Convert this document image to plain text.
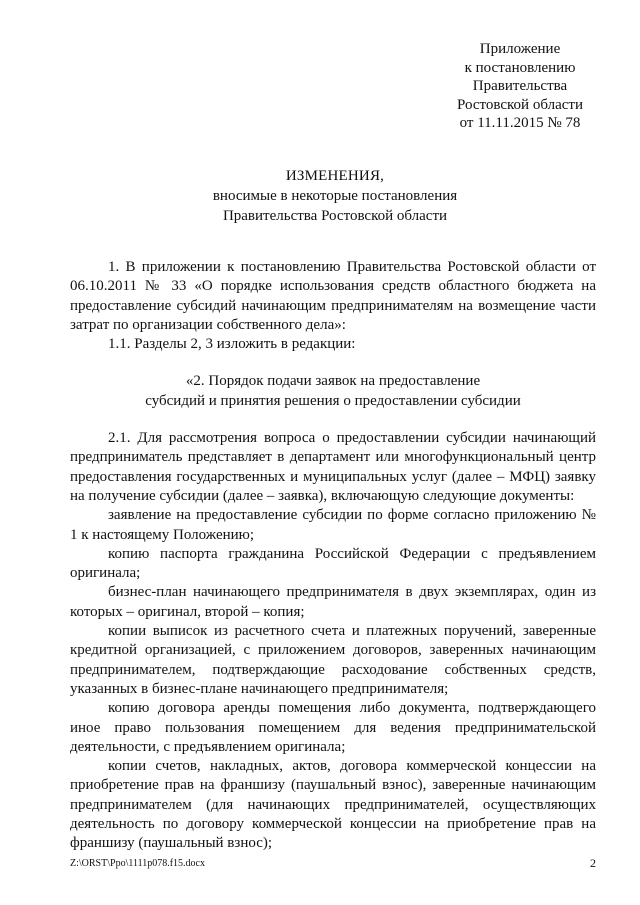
Приложение
к постановлению
Правительства
Ростовской области
от 11.11.2015 № 78
ИЗМЕНЕНИЯ,
вносимые в некоторые постановления
Правительства Ростовской области

1. В приложении к постановлению Правительства Ростовской области от 06.10.2011 № 33 «О порядке использования средств областного бюджета на предоставление субсидий начинающим предпринимателям на возмещение части затрат по организации собственного дела»:

1.1. Разделы 2, 3 изложить в редакции:

«2. Порядок подачи заявок на предоставление
субсидий и принятия решения о предоставлении субсидии

2.1. Для рассмотрения вопроса о предоставлении субсидии начинающий предприниматель представляет в департамент или многофункциональный центр предоставления государственных и муниципальных услуг (далее – МФЦ) заявку на получение субсидии (далее – заявка), включающую следующие документы:

заявление на предоставление субсидии по форме согласно приложению № 1 к настоящему Положению;

копию паспорта гражданина Российской Федерации с предъявлением оригинала;

бизнес-план начинающего предпринимателя в двух экземплярах, один из которых – оригинал, второй – копия;

копии выписок из расчетного счета и платежных поручений, заверенные кредитной организацией, с приложением договоров, заверенных начинающим предпринимателем, подтверждающие расходование собственных средств, указанных в бизнес-плане начинающего предпринимателя;

копию договора аренды помещения либо документа, подтверждающего иное право пользования помещением для ведения предпринимательской деятельности, с предъявлением оригинала;

копии счетов, накладных, актов, договора коммерческой концессии на приобретение прав на франшизу (паушальный взнос), заверенные начинающим предпринимателем (для начинающих предпринимателей, осуществляющих деятельность по договору коммерческой концессии на приобретение прав на франшизу (паушальный взнос);

Z:\ORST\Ppo\1111p078.f15.docx	2
